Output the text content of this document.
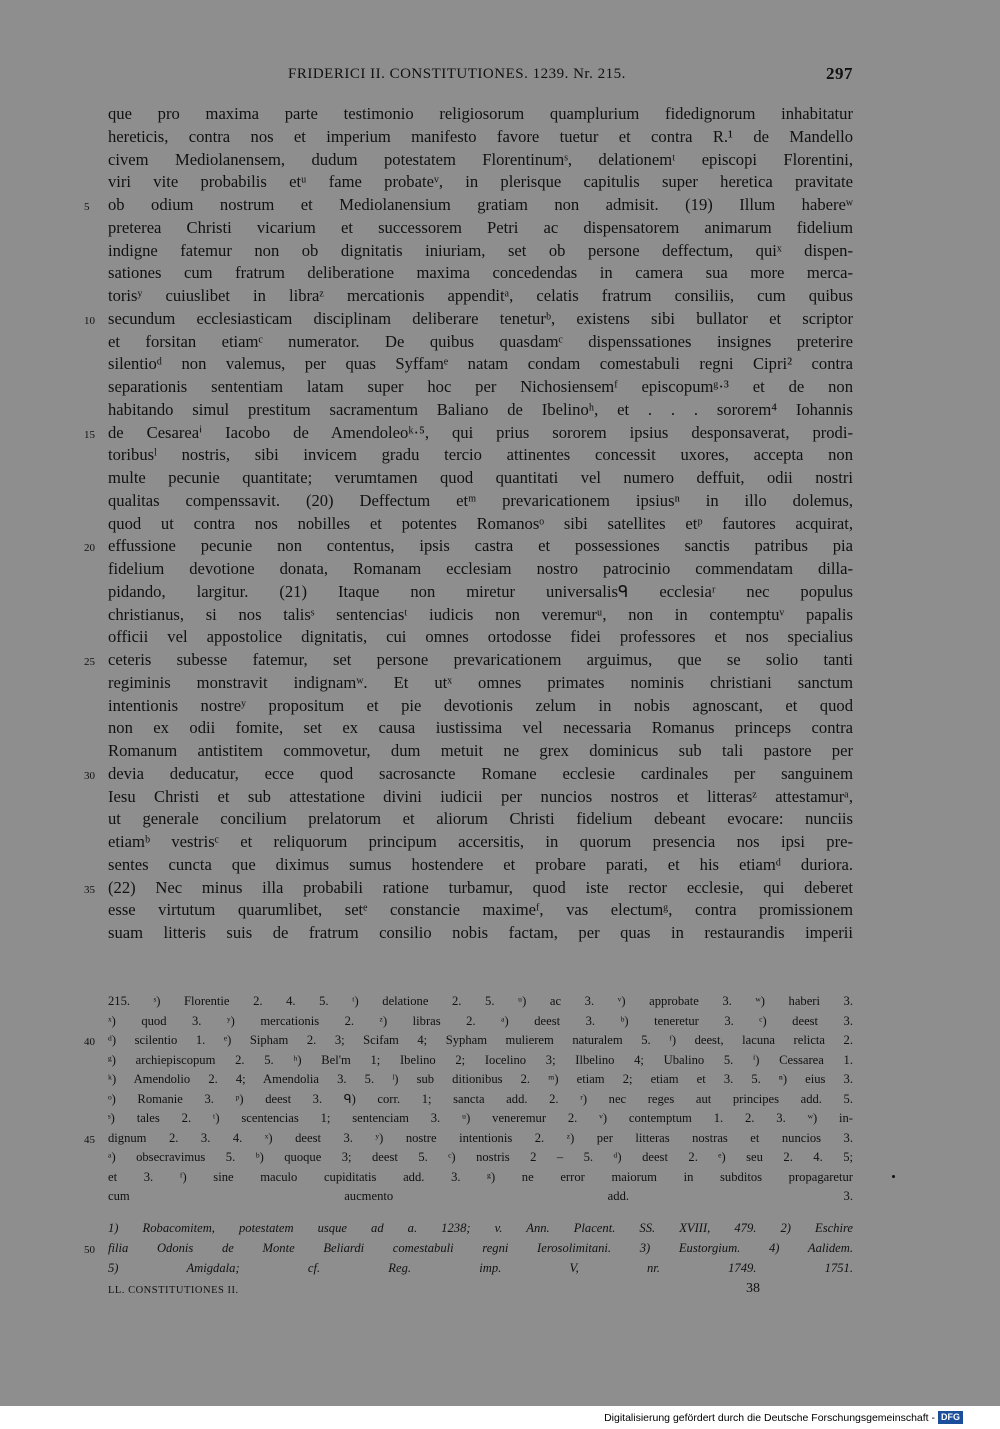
FRIDERICI II. CONSTITUTIONES. 1239. Nr. 215.	297
que pro maxima parte testimonio religiosorum quamplurium fidedignorum inhabitatur
hereticis, contra nos et imperium manifesto favore tuetur et contra R.¹ de Mandello
civem Mediolanensem, dudum potestatem Florentinumˢ, delationemᵗ episcopi Florentini,
viri vite probabilis etᵘ fame probateᵛ, in plerisque capitulis super heretica pravitate
5	ob odium nostrum et Mediolanensium gratiam non admisit. (19) Illum habereʷ
preterea Christi vicarium et successorem Petri ac dispensatorem animarum fidelium
indigne fatemur non ob dignitatis iniuriam, set ob persone deffectum, quiˣ dispen-
sationes cum fratrum deliberatione maxima concedendas in camera sua more merca-
torisʸ cuiuslibet in libraᶻ mercationis appenditᵃ, celatis fratrum consiliis, cum quibus
10 secundum ecclesiasticam disciplinam deliberare teneturᵇ, existens sibi bullator et scriptor
et forsitan etiamᶜ numerator. De quibus quasdamᶜ dispenssationes insignes preterire
silentioᵈ non valemus, per quas Syffamᵉ natam condam comestabuli regni Cipri² contra
separationis sententiam latam super hoc per Nichosiensemᶠ episcopumᵍ·³ et de non
habitando simul prestitum sacramentum Baliano de Ibelinoʰ, et . . . sororem⁴ Iohannis
15 de Cesareaⁱ Iacobo de Amendoleoᵏ·⁵, qui prius sororem ipsius desponsaverat, prodi-
toribusˡ nostris, sibi invicem gradu tercio attinentes concessit uxores, accepta non
multe pecunie quantitate; verumtamen quod quantitati vel numero deffuit, odii nostri
qualitas compenssavit. (20) Deffectum etᵐ prevaricationem ipsiusⁿ in illo dolemus,
quod ut contra nos nobilles et potentes Romanosᵒ sibi satellites etᵖ fautores acquirat,
20 effussione pecunie non contentus, ipsis castra et possessiones sanctis patribus pia
fidelium devotione donata, Romanam ecclesiam nostro patrocinio commendatam dilla-
pidando, largitur. (21) Itaque non miretur universalisᑫ ecclesiaʳ nec populus
christianus, si nos talisˢ sentenciasᵗ iudicis non veremurᵘ, non in contemptuᵛ papalis
officii vel appostolice dignitatis, cui omnes ortodosse fidei professores et nos specialius
25 ceteris subesse fatemur, set persone prevaricationem arguimus, que se solio tanti
regiminis monstravit indignamʷ. Et utˣ omnes primates nominis christiani sanctum
intentionis nostreʸ propositum et pie devotionis zelum in nobis agnoscant, et quod
non ex odii fomite, set ex causa iustissima vel necessaria Romanus princeps contra
Romanum antistitem commovetur, dum metuit ne grex dominicus sub tali pastore per
30 devia deducatur, ecce quod sacrosancte Romane ecclesie cardinales per sanguinem
Iesu Christi et sub attestatione divini iudicii per nuncios nostros et litterasᶻ attestamurᵃ,
ut generale concilium prelatorum et aliorum Christi fidelium debeant evocare: nunciis
etiamᵇ vestrisᶜ et reliquorum principum accersitis, in quorum presencia nos ipsi pre-
sentes cuncta que diximus sumus hostendere et probare parati, et his etiamᵈ duriora.
35 (22) Nec minus illa probabili ratione turbamur, quod iste rector ecclesie, qui deberet
esse virtutum quarumlibet, setᵉ constancie maximeᶠ, vas electumᵍ, contra promissionem
suam litteris suis de fratrum consilio nobis factam, per quas in restaurandis imperii
215. ˢ) Florentie 2. 4. 5. ᵗ) delatione 2. 5. ᵘ) ac 3. ᵛ) approbate 3. ʷ) haberi 3.
ˣ) quod 3. ʸ) mercationis 2. ᶻ) libras 2. ᵃ) deest 3. ᵇ) teneretur 3. ᶜ) deest 3.
40	ᵈ) scilentio 1. ᵉ) Sipham 2. 3; Scifam 4; Sypham mulierem naturalem 5. ᶠ) deest, lacuna relicta 2.
ᵍ) archiepiscopum 2. 5. ʰ) Bel'm 1; Ibelino 2; Iocelino 3; Ilbelino 4; Ubalino 5. ⁱ) Cessarea 1.
ᵏ) Amendolio 2. 4; Amendolia 3. 5. ˡ) sub ditionibus 2. ᵐ) etiam 2; etiam et 3. 5. ⁿ) eius 3.
ᵒ) Romanie 3. ᵖ) deest 3. ᑫ) corr. 1; sancta add. 2. ʳ) nec reges aut principes add. 5.
ˢ) tales 2. ᵗ) scentencias 1; sentenciam 3. ᵘ) veneremur 2. ᵛ) contemptum 1. 2. 3. ʷ) in-
45	dignum 2. 3. 4. ˣ) deest 3. ʸ) nostre intentionis 2. ᶻ) per litteras nostras et nuncios 3.
ᵃ) obsecravimus 5. ᵇ) quoque 3; deest 5. ᶜ) nostris 2 – 5. ᵈ) deest 2. ᵉ) seu 2. 4. 5;
et 3. ᶠ) sine maculo cupiditatis add. 3. ᵍ) ne error maiorum in subditos propagaretur
cum aucmento add. 3.
1) Robacomitem, potestatem usque ad a. 1238; v. Ann. Placent. SS. XVIII, 479. 2) Eschire
50	filia Odonis de Monte Beliardi comestabuli regni Ierosolimitani. 3) Eustorgium. 4) Aalidem.
5) Amigdala; cf. Reg. imp. V, nr. 1749. 1751.
LL. CONSTITUTIONES II.	38
Digitalisierung gefördert durch die Deutsche Forschungsgemeinschaft - DFG
